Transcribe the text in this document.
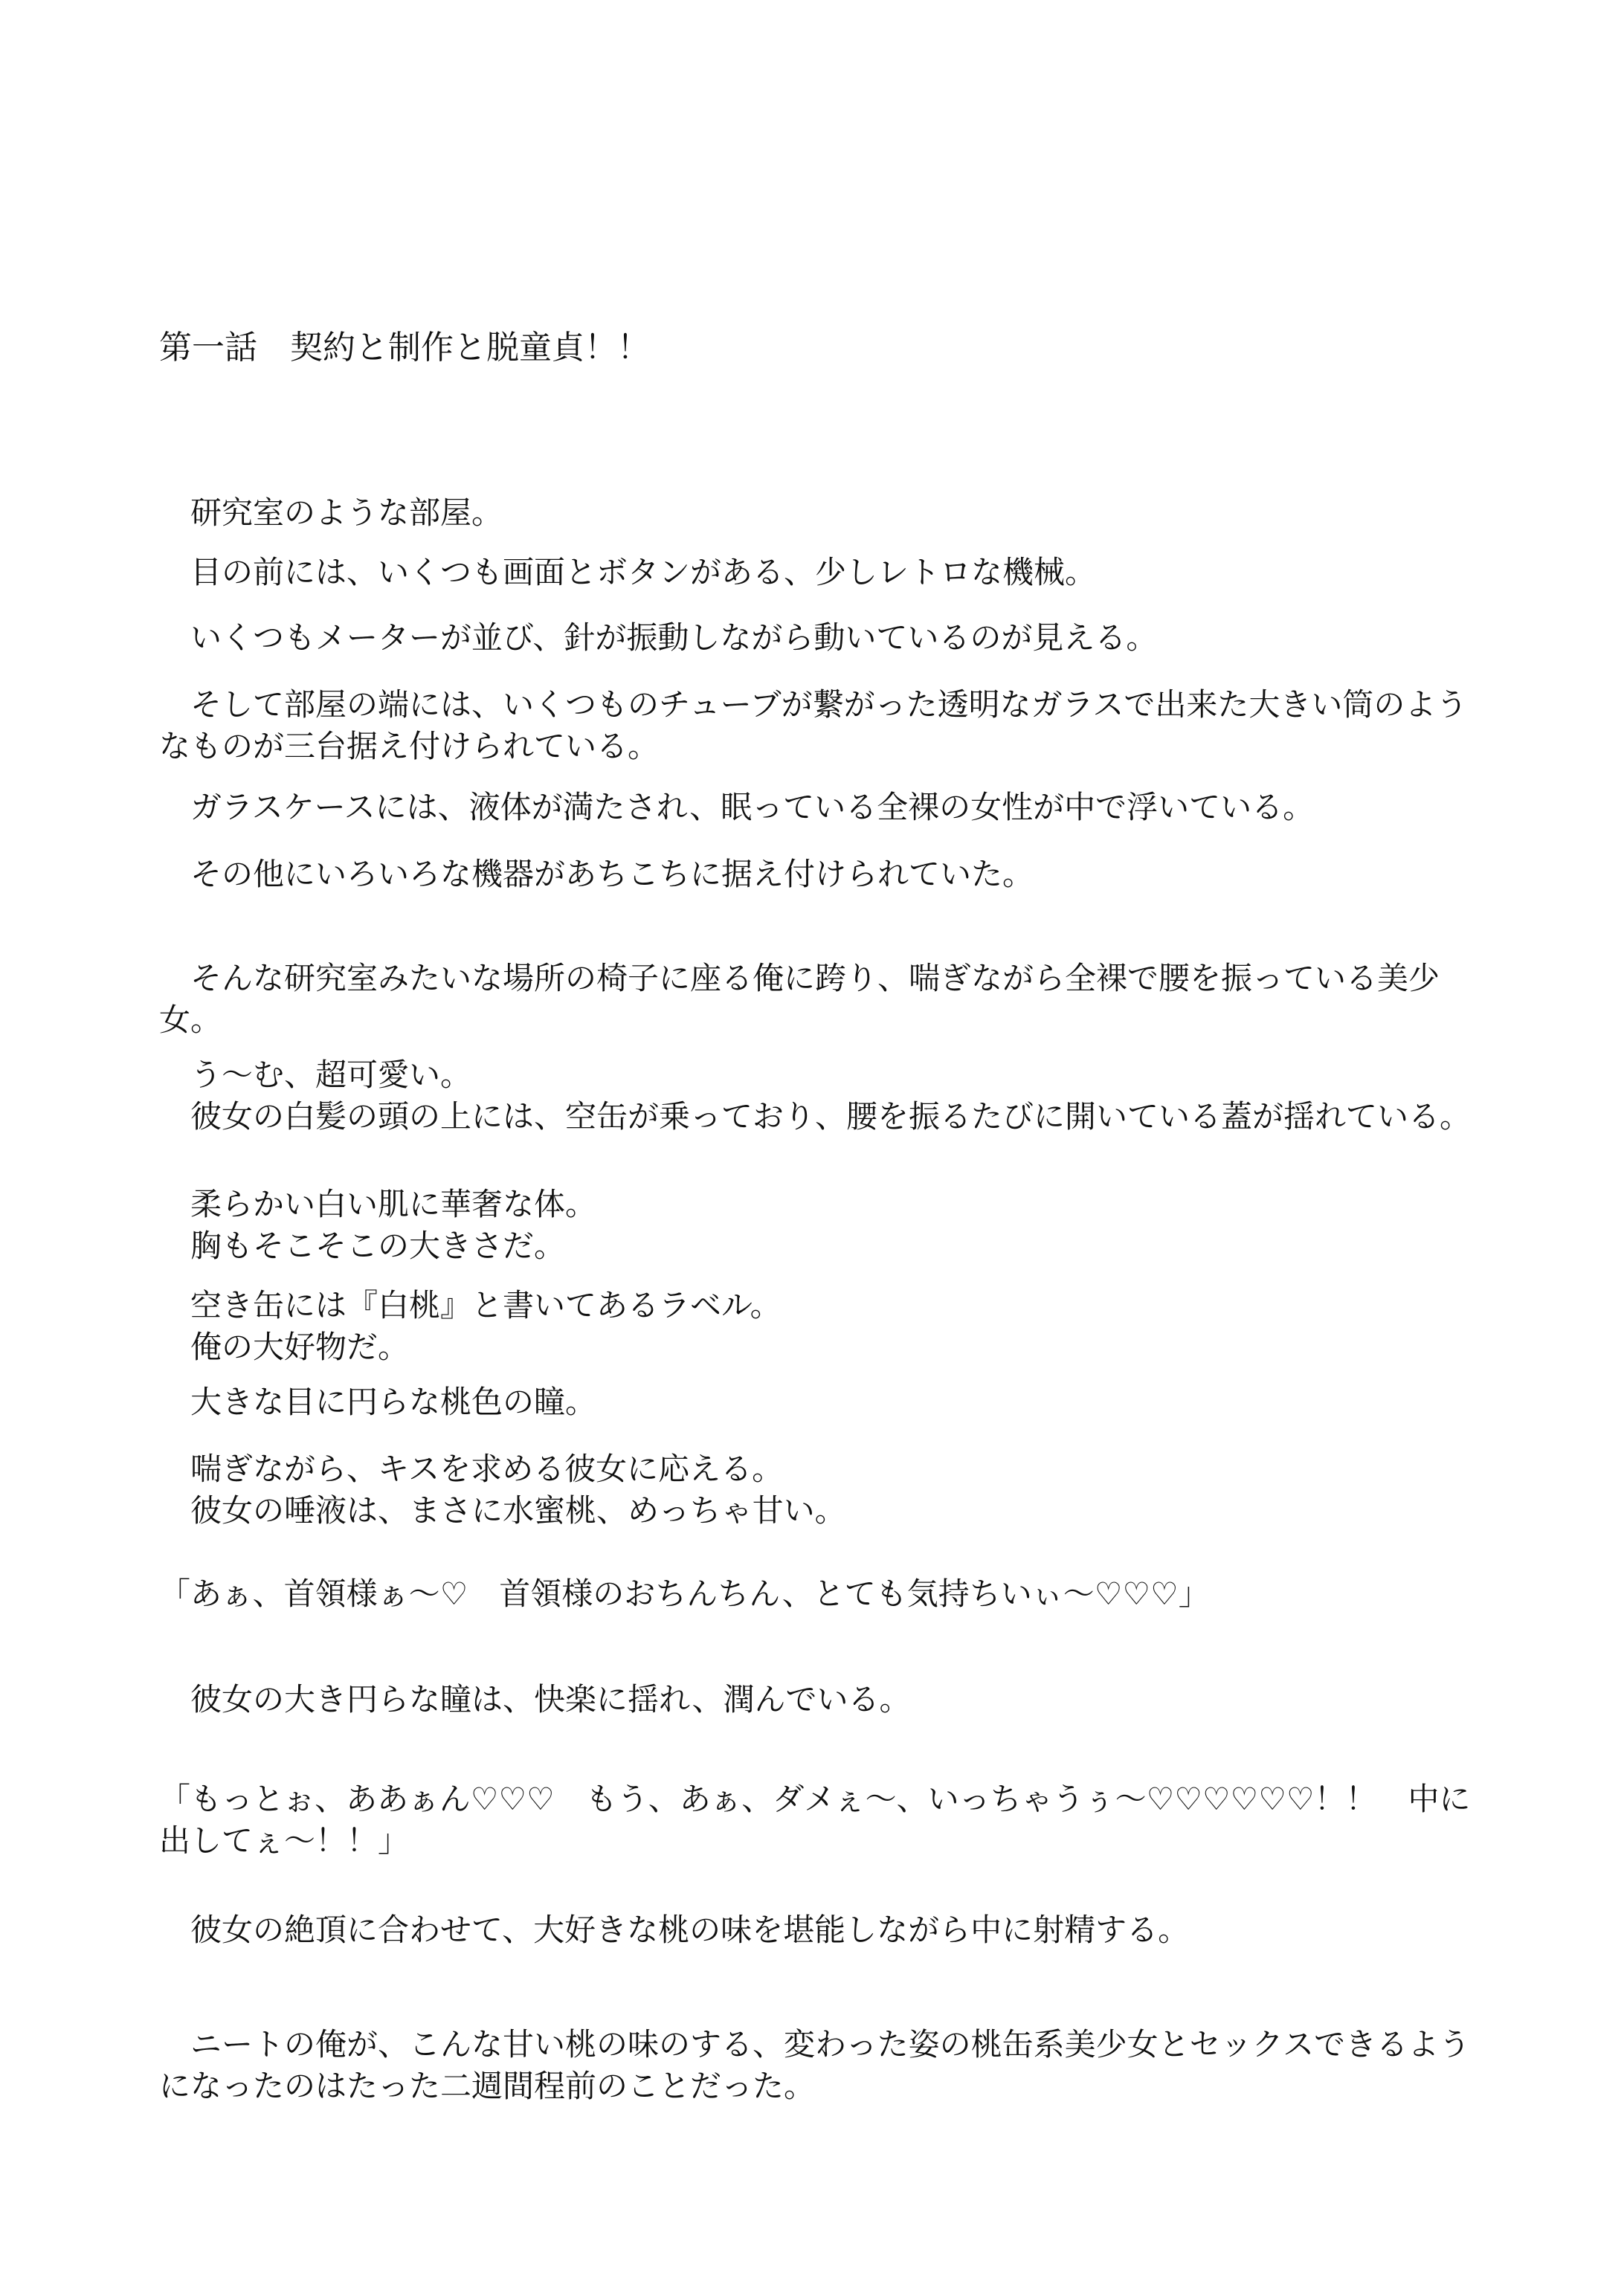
第一話　契約と制作と脱童貞！！
　研究室のような部屋。
　目の前には、いくつも画面とボタンがある、少しレトロな機械。
　いくつもメーターが並び、針が振動しながら動いているのが見える。
　そして部屋の端には、いくつものチューブが繋がった透明なガラスで出来た大きい筒のようなものが三台据え付けられている。
　ガラスケースには、液体が満たされ、眠っている全裸の女性が中で浮いている。
　その他にいろいろな機器があちこちに据え付けられていた。
　そんな研究室みたいな場所の椅子に座る俺に跨り、喘ぎながら全裸で腰を振っている美少女。
　う～む、超可愛い。
　彼女の白髪の頭の上には、空缶が乗っており、腰を振るたびに開いている蓋が揺れている。
　柔らかい白い肌に華奢な体。
　胸もそこそこの大きさだ。
　空き缶には『白桃』と書いてあるラベル。
　俺の大好物だ。
　大きな目に円らな桃色の瞳。
　喘ぎながら、キスを求める彼女に応える。
　彼女の唾液は、まさに水蜜桃、めっちゃ甘い。
「あぁ、首領様ぁ～♡　首領様のおちんちん、とても気持ちいぃ～♡♡♡」
　彼女の大き円らな瞳は、快楽に揺れ、潤んでいる。
「もっとぉ、ああぁん♡♡♡　もう、あぁ、ダメぇ～、いっちゃうぅ～♡♡♡♡♡♡！！　中に出してぇ～！！」
　彼女の絶頂に合わせて、大好きな桃の味を堪能しながら中に射精する。
　ニートの俺が、こんな甘い桃の味のする、変わった姿の桃缶系美少女とセックスできるようになったのはたった二週間程前のことだった。
